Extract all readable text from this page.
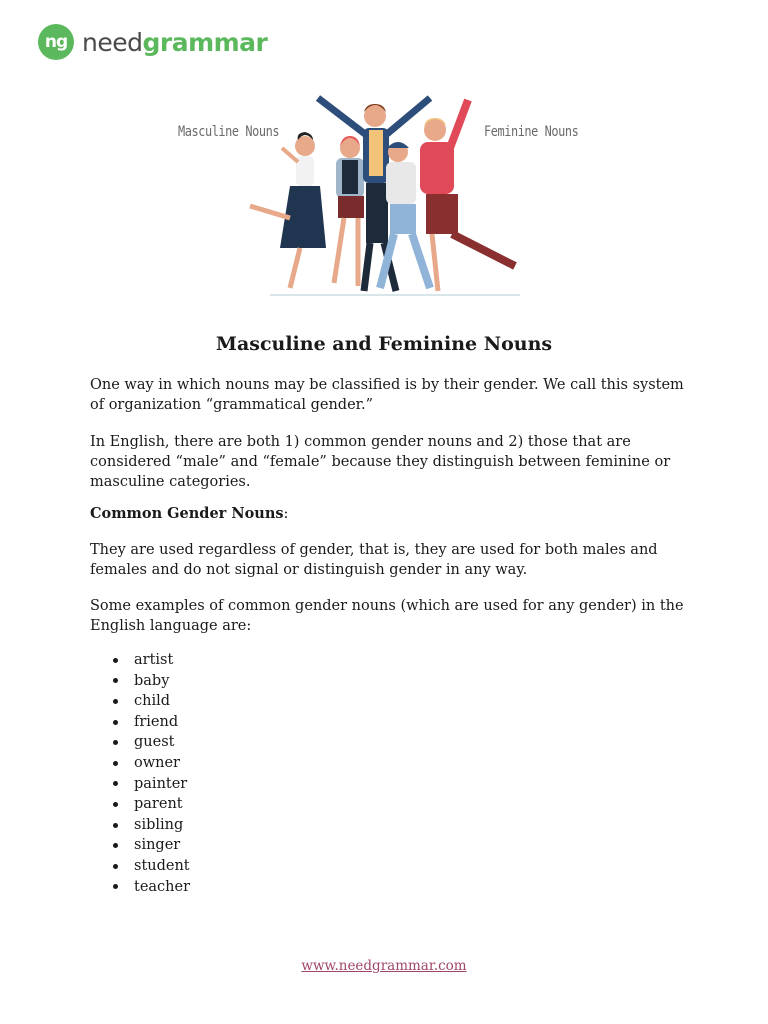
ng needgrammar
Masculine Nouns	Feminine Nouns
Masculine and Feminine Nouns
One way in which nouns may be classified is by their gender. We call this system of organization “grammatical gender.”
In English, there are both 1) common gender nouns and 2) those that are considered “male” and “female” because they distinguish between feminine or masculine categories.
Common Gender Nouns:
They are used regardless of gender, that is, they are used for both males and females and do not signal or distinguish gender in any way.
Some examples of common gender nouns (which are used for any gender) in the English language are:
artist
baby
child
friend
guest
owner
painter
parent
sibling
singer
student
teacher
www.needgrammar.com
